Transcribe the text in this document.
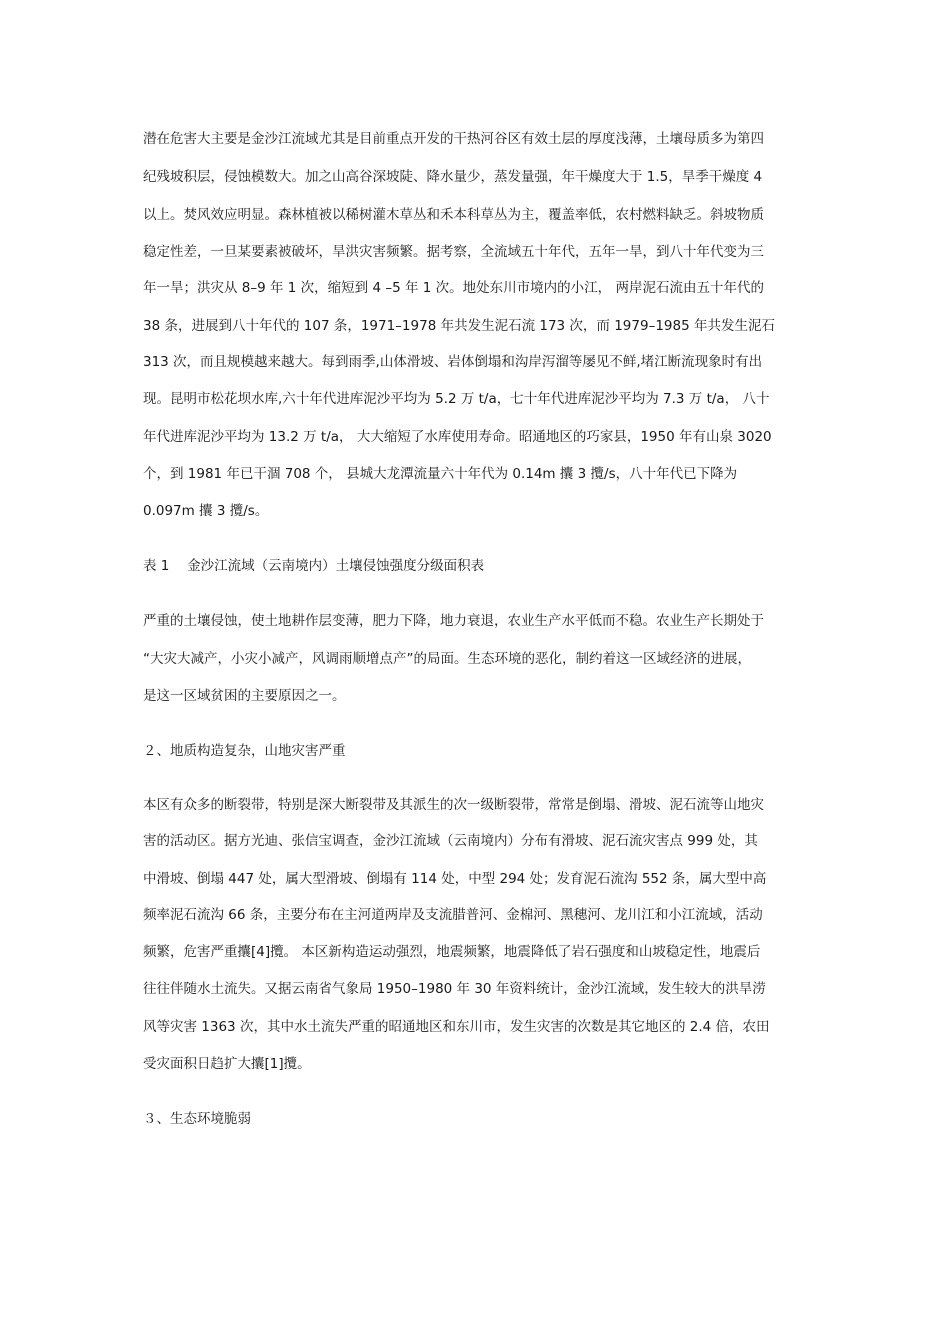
潜在危害大主要是金沙江流域尤其是目前重点开发的干热河谷区有效土层的厚度浅薄，土壤母质多为第四
纪残坡积层，侵蚀模数大。加之山高谷深坡陡、降水量少，蒸发量强，年干燥度大于 1.5，旱季干燥度 4
以上。焚风效应明显。森林植被以稀树灌木草丛和禾本科草丛为主，覆盖率低，农村燃料缺乏。斜坡物质
稳定性差，一旦某要素被破坏，旱洪灾害频繁。据考察，全流域五十年代，五年一旱，到八十年代变为三
年一旱；洪灾从 8–9 年 1 次，缩短到 4 –5 年 1 次。地处东川市境内的小江， 两岸泥石流由五十年代的
38 条，进展到八十年代的 107 条，1971–1978 年共发生泥石流 173 次，而 1979–1985 年共发生泥石
313 次，而且规模越来越大。每到雨季,山体滑坡、岩体倒塌和沟岸泻溜等屡见不鲜,堵江断流现象时有出
现。昆明市松花坝水库,六十年代进库泥沙平均为 5.2 万 t/a，七十年代进库泥沙平均为 7.3 万 t/a， 八十
年代进库泥沙平均为 13.2 万 t/a， 大大缩短了水库使用寿命。昭通地区的巧家县，1950 年有山泉 3020
个，到 1981 年已干涸 708 个， 县城大龙潭流量六十年代为 0.14m 攮 3 攬/s，八十年代已下降为
0.097m 攮 3 攬/s。
表 1　 金沙江流域（云南境内）土壤侵蚀强度分级面积表
严重的土壤侵蚀，使土地耕作层变薄，肥力下降，地力衰退，农业生产水平低而不稳。农业生产长期处于
“大灾大减产，小灾小减产，风调雨顺增点产”的局面。生态环境的恶化，制约着这一区域经济的进展，
是这一区域贫困的主要原因之一。
２、地质构造复杂，山地灾害严重
本区有众多的断裂带，特别是深大断裂带及其派生的次一级断裂带，常常是倒塌、滑坡、泥石流等山地灾
害的活动区。据方光迪、张信宝调查，金沙江流域（云南境内）分布有滑坡、泥石流灾害点 999 处，其
中滑坡、倒塌 447 处，属大型滑坡、倒塌有 114 处，中型 294 处；发育泥石流沟 552 条，属大型中高
频率泥石流沟 66 条，主要分布在主河道两岸及支流腊普河、金棉河、黑穗河、龙川江和小江流域，活动
频繁，危害严重攮[4]攬。 本区新构造运动强烈，地震频繁，地震降低了岩石强度和山坡稳定性，地震后
往往伴随水土流失。又据云南省气象局 1950–1980 年 30 年资料统计，金沙江流域，发生较大的洪旱涝
风等灾害 1363 次，其中水土流失严重的昭通地区和东川市，发生灾害的次数是其它地区的 2.4 倍，农田
受灾面积日趋扩大攮[1]攬。
３、生态环境脆弱
